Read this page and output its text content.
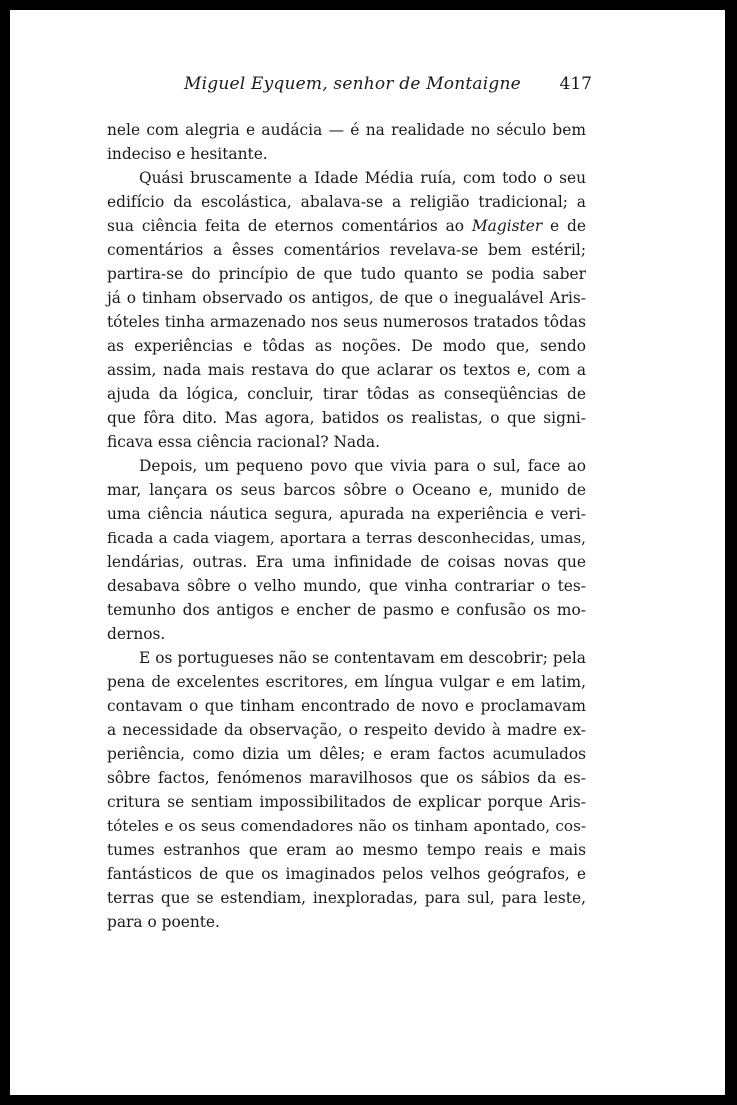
Miguel Eyquem, senhor de Montaigne 417
nele com alegria e audácia — é na realidade no século bem
indeciso e hesitante.
Quási bruscamente a Idade Média ruía, com todo o seu
edifício da escolástica, abalava-se a religião tradicional; a
sua ciência feita de eternos comentários ao Magister e de
comentários a êsses comentários revelava-se bem estéril;
partira-se do princípio de que tudo quanto se podia saber
já o tinham observado os antigos, de que o inegualável Aris-
tóteles tinha armazenado nos seus numerosos tratados tôdas
as experiências e tôdas as noções. De modo que, sendo
assim, nada mais restava do que aclarar os textos e, com a
ajuda da lógica, concluir, tirar tôdas as conseqüências de
que fôra dito. Mas agora, batidos os realistas, o que signi-
ficava essa ciência racional? Nada.
Depois, um pequeno povo que vivia para o sul, face ao
mar, lançara os seus barcos sôbre o Oceano e, munido de
uma ciência náutica segura, apurada na experiência e veri-
ficada a cada viagem, aportara a terras desconhecidas, umas,
lendárias, outras. Era uma infinidade de coisas novas que
desabava sôbre o velho mundo, que vinha contrariar o tes-
temunho dos antigos e encher de pasmo e confusão os mo-
dernos.
E os portugueses não se contentavam em descobrir; pela
pena de excelentes escritores, em língua vulgar e em latim,
contavam o que tinham encontrado de novo e proclamavam
a necessidade da observação, o respeito devido à madre ex-
periência, como dizia um dêles; e eram factos acumulados
sôbre factos, fenómenos maravilhosos que os sábios da es-
critura se sentiam impossibilitados de explicar porque Aris-
tóteles e os seus comendadores não os tinham apontado, cos-
tumes estranhos que eram ao mesmo tempo reais e mais
fantásticos de que os imaginados pelos velhos geógrafos, e
terras que se estendiam, inexploradas, para sul, para leste,
para o poente.
